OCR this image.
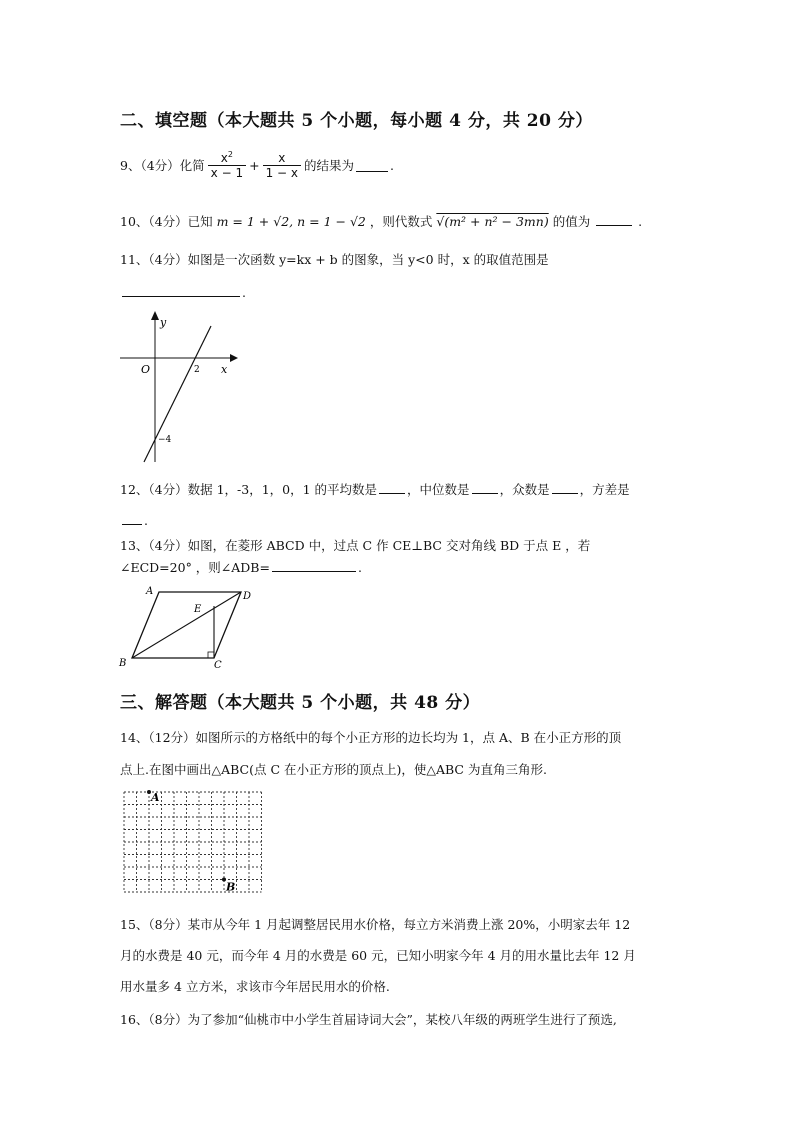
二、填空题（本大题共 5 个小题，每小题 4 分，共 20 分）
9、（4分）化简 $\frac{x^2}{x - 1} + \frac{x}{1 - x}$ 的结果为	.
10、（4分）已知 m = 1 + √2, n = 1 − √2 ，则代数式 √(m² + n² − 3mn) 的值为	.
11、（4分）如图是一次函数 y=kx + b 的图象，当 y<0 时，x 的取值范围是
.
y
x
O	2
−4
12、（4分）数据 1，-3，1，0，1 的平均数是 ，中位数是 ，众数是 ，方差是
.
13、（4分）如图，在菱形 ABCD 中，过点 C 作 CE⊥BC 交对角线 BD 于点 E ，若
∠ECD=20° ，则∠ADB=	.
A	D
E
B	C
三、解答题（本大题共 5 个小题，共 48 分）
14、（12分）如图所示的方格纸中的每个小正方形的边长均为 1，点 A、B 在小正方形的顶
点上.在图中画出△ABC(点 C 在小正方形的顶点上)，使△ABC 为直角三角形.
A
B
15、（8分）某市从今年 1 月起调整居民用水价格，每立方米消费上涨 20%，小明家去年 12
月的水费是 40 元，而今年 4 月的水费是 60 元，已知小明家今年 4 月的用水量比去年 12 月
用水量多 4 立方米，求该市今年居民用水的价格.
16、（8分）为了参加“仙桃市中小学生首届诗词大会”，某校八年级的两班学生进行了预选,
